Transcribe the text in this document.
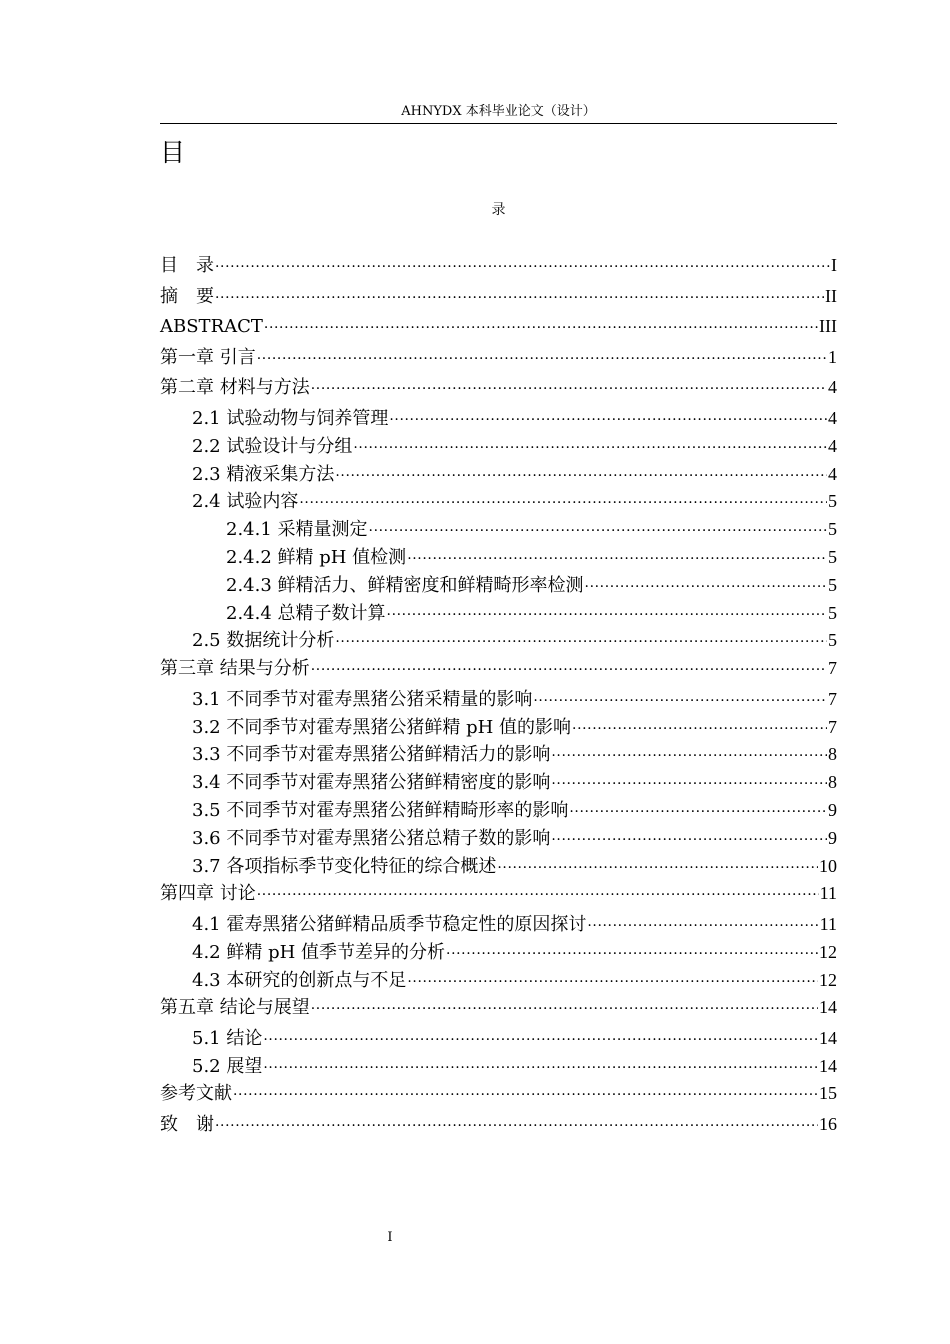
AHNYDX 本科毕业论文（设计）
目
录
目　录 ·····	I
摘　要 ·····	II
ABSTRACT ·····	III
第一章 引言 ·····	1
第二章 材料与方法 ·····	4
2.1 试验动物与饲养管理 ·····	4
2.2 试验设计与分组 ·····	4
2.3 精液采集方法 ·····	4
2.4 试验内容 ·····	5
2.4.1 采精量测定 ·····	5
2.4.2 鲜精 pH 值检测 ·····	5
2.4.3 鲜精活力、鲜精密度和鲜精畸形率检测 ·····	5
2.4.4 总精子数计算 ·····	5
2.5 数据统计分析 ·····	5
第三章 结果与分析 ·····	7
3.1 不同季节对霍寿黑猪公猪采精量的影响 ·····	7
3.2 不同季节对霍寿黑猪公猪鲜精 pH 值的影响 ·····	7
3.3 不同季节对霍寿黑猪公猪鲜精活力的影响 ·····	8
3.4 不同季节对霍寿黑猪公猪鲜精密度的影响 ·····	8
3.5 不同季节对霍寿黑猪公猪鲜精畸形率的影响 ·····	9
3.6 不同季节对霍寿黑猪公猪总精子数的影响 ·····	9
3.7 各项指标季节变化特征的综合概述 ·····	10
第四章 讨论 ·····	11
4.1 霍寿黑猪公猪鲜精品质季节稳定性的原因探讨 ·····	11
4.2 鲜精 pH 值季节差异的分析 ·····	12
4.3 本研究的创新点与不足 ·····	12
第五章 结论与展望 ·····	14
5.1 结论 ·····	14
5.2 展望 ·····	14
参考文献 ·····	15
致　谢 ·····	16
I
